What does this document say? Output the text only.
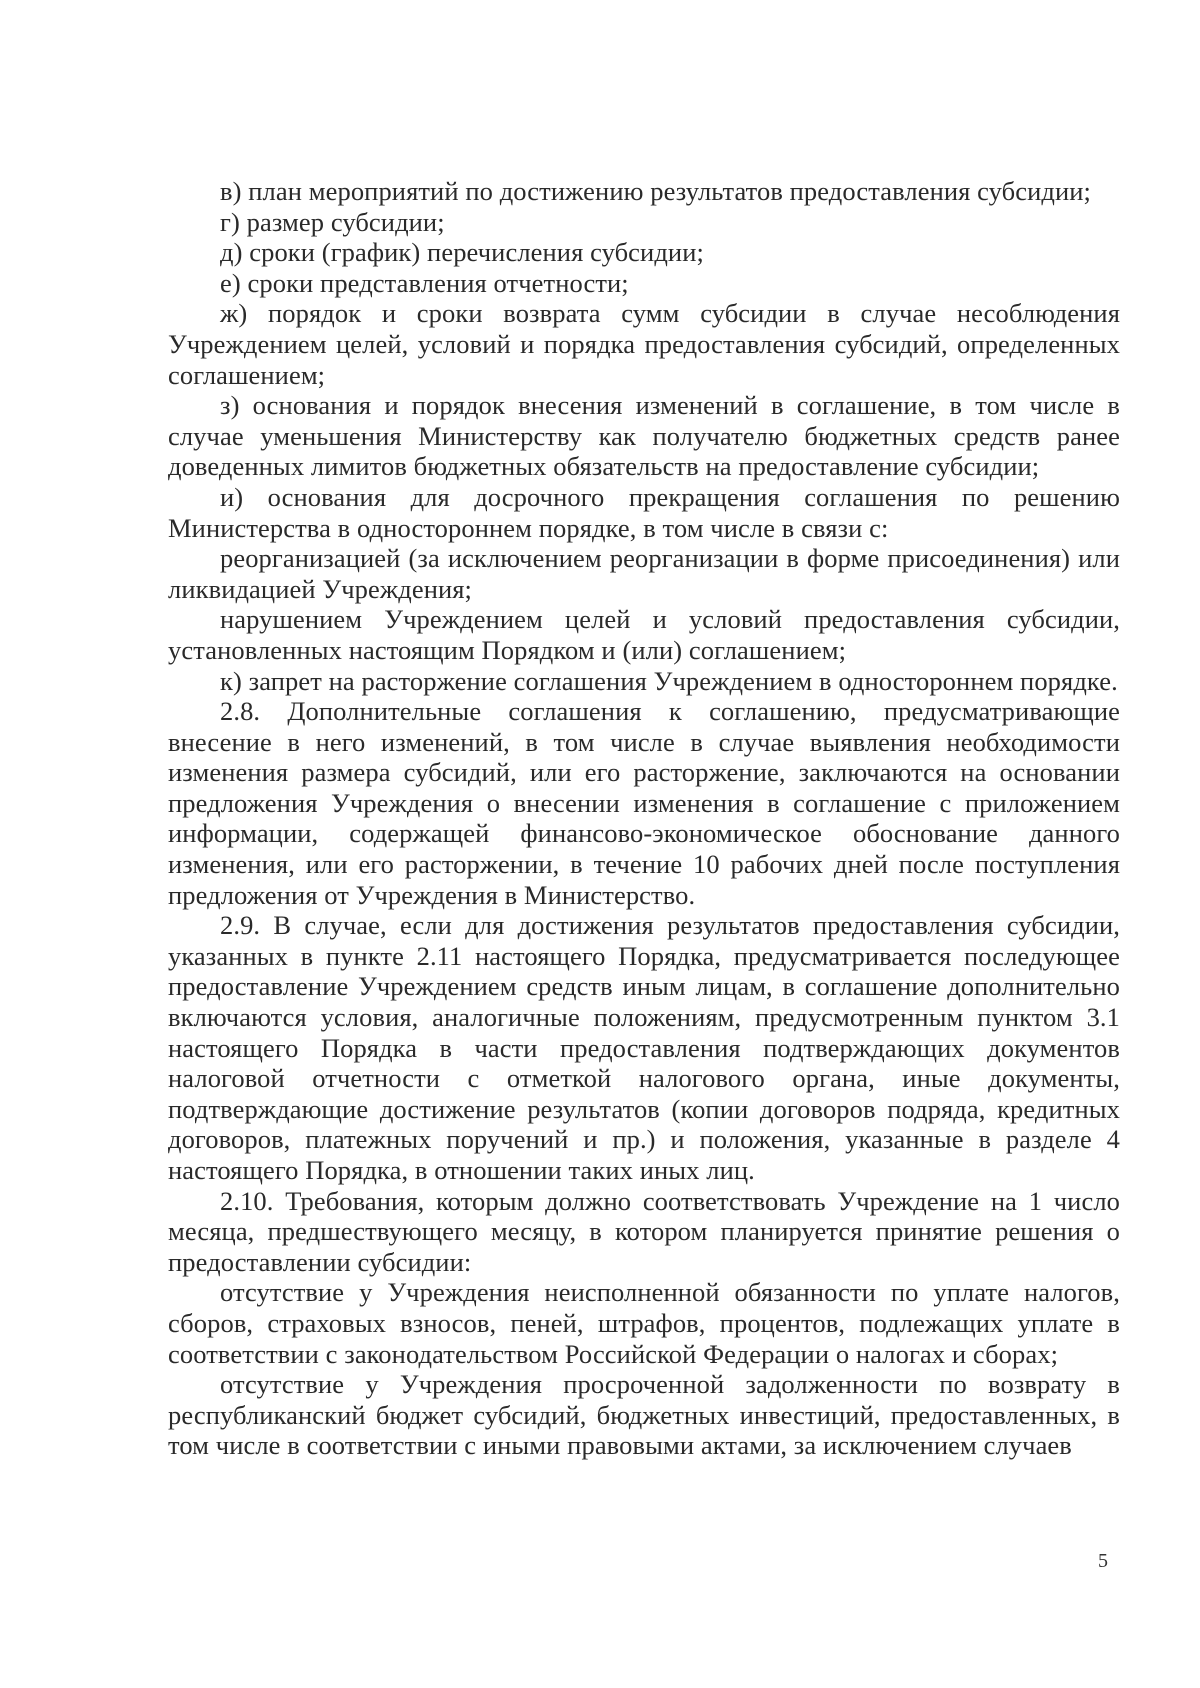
в) план мероприятий по достижению результатов предоставления субсидии;

г) размер субсидии;

д) сроки (график) перечисления субсидии;

е) сроки представления отчетности;

ж) порядок и сроки возврата сумм субсидии в случае несоблюдения Учреждением целей, условий и порядка предоставления субсидий, определенных соглашением;

з) основания и порядок внесения изменений в соглашение, в том числе в случае уменьшения Министерству как получателю бюджетных средств ранее доведенных лимитов бюджетных обязательств на предоставление субсидии;

и) основания для досрочного прекращения соглашения по решению Министерства в одностороннем порядке, в том числе в связи с:

реорганизацией (за исключением реорганизации в форме присоединения) или ликвидацией Учреждения;

нарушением Учреждением целей и условий предоставления субсидии, установленных настоящим Порядком и (или) соглашением;

к) запрет на расторжение соглашения Учреждением в одностороннем порядке.

2.8. Дополнительные соглашения к соглашению, предусматривающие внесение в него изменений, в том числе в случае выявления необходимости изменения размера субсидий, или его расторжение, заключаются на основании предложения Учреждения о внесении изменения в соглашение с приложением информации, содержащей финансово-экономическое обоснование данного изменения, или его расторжении, в течение 10 рабочих дней после поступления предложения от Учреждения в Министерство.

2.9. В случае, если для достижения результатов предоставления субсидии, указанных в пункте 2.11 настоящего Порядка, предусматривается последующее предоставление Учреждением средств иным лицам, в соглашение дополнительно включаются условия, аналогичные положениям, предусмотренным пунктом 3.1 настоящего Порядка в части предоставления подтверждающих документов налоговой отчетности с отметкой налогового органа, иные документы, подтверждающие достижение результатов (копии договоров подряда, кредитных договоров, платежных поручений и пр.) и положения, указанные в разделе 4 настоящего Порядка, в отношении таких иных лиц.

2.10. Требования, которым должно соответствовать Учреждение на 1 число месяца, предшествующего месяцу, в котором планируется принятие решения о предоставлении субсидии:

отсутствие у Учреждения неисполненной обязанности по уплате налогов, сборов, страховых взносов, пеней, штрафов, процентов, подлежащих уплате в соответствии с законодательством Российской Федерации о налогах и сборах;

отсутствие у Учреждения просроченной задолженности по возврату в республиканский бюджет субсидий, бюджетных инвестиций, предоставленных, в том числе в соответствии с иными правовыми актами, за исключением случаев

5
